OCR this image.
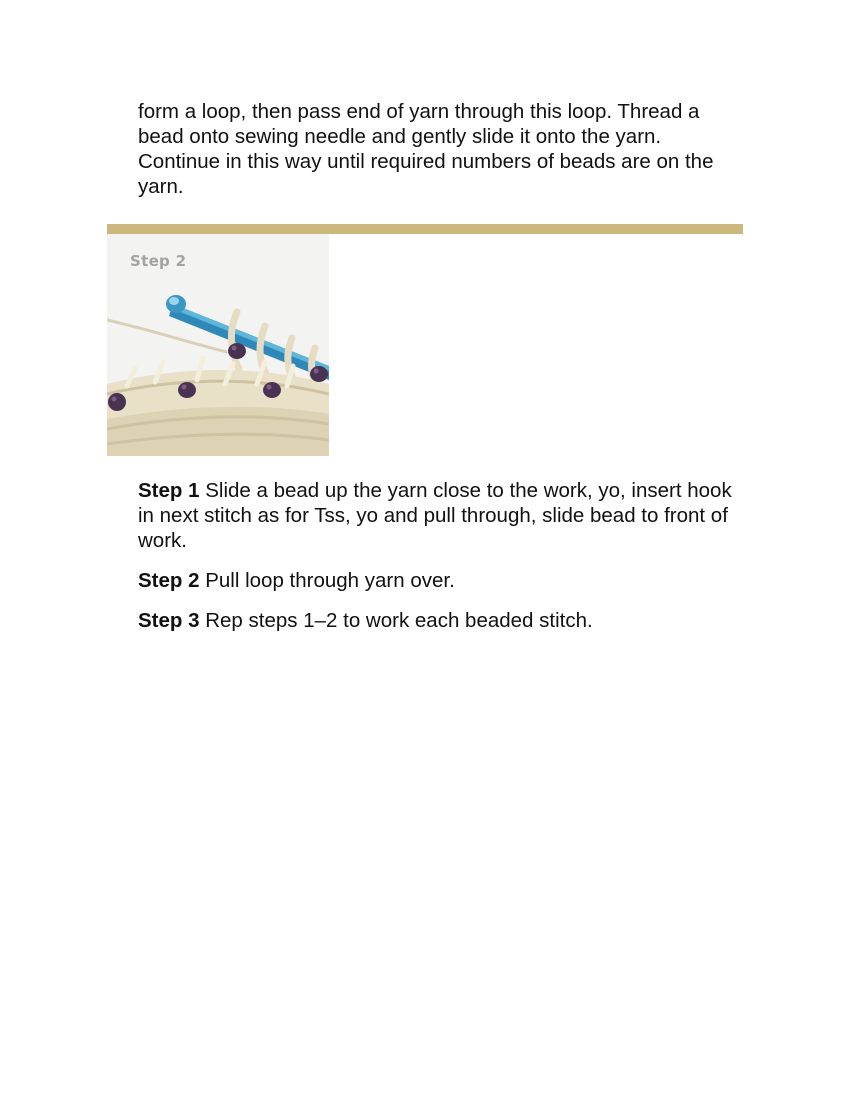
form a loop, then pass end of yarn through this loop. Thread a bead onto sewing needle and gently slide it onto the yarn. Continue in this way until required numbers of beads are on the yarn.

Step 2

Step 1 Slide a bead up the yarn close to the work, yo, insert hook in next stitch as for Tss, yo and pull through, slide bead to front of work.

Step 2 Pull loop through yarn over.

Step 3 Rep steps 1–2 to work each beaded stitch.
